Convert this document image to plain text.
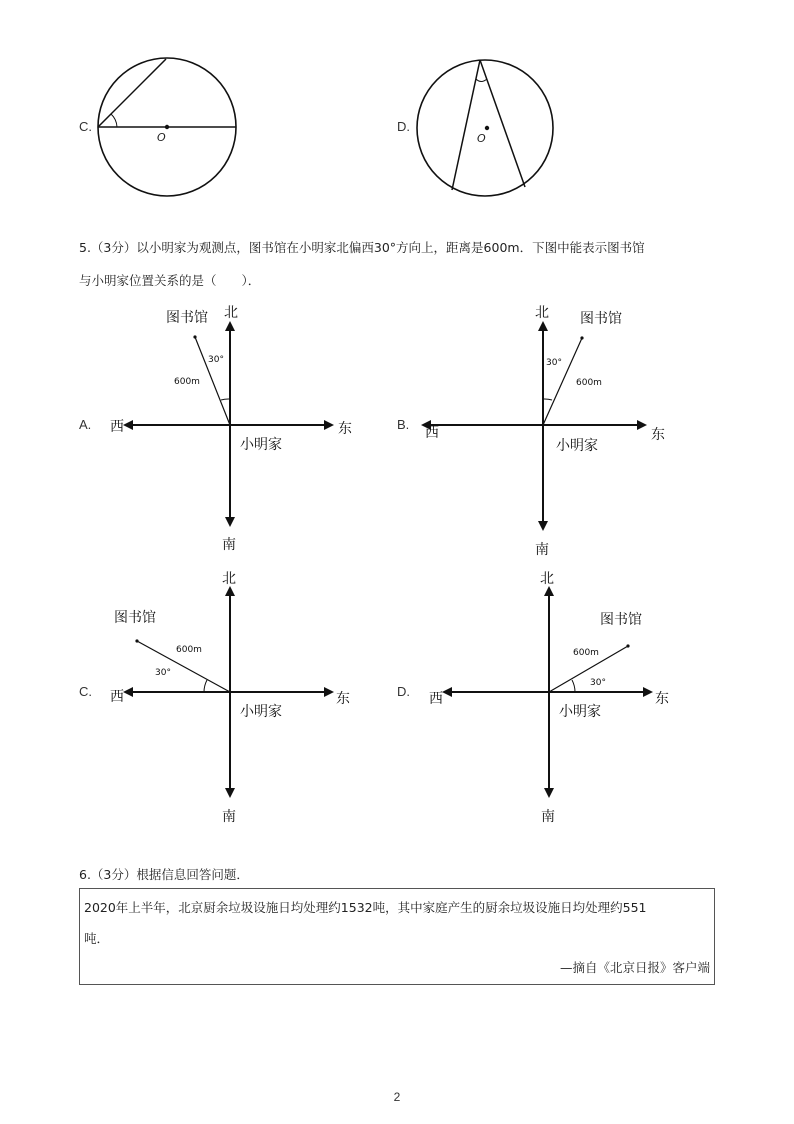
C.
O
D.
O
5.（3分）以小明家为观测点，图书馆在小明家北偏西30°方向上，距离是600m．下图中能表示图书馆
与小明家位置关系的是（　　）．
A.
北
南
西	东
小明家
图书馆
30°
600m
B.
北
南
西	东
小明家
图书馆
30°
600m
C.
北
南
西	东
小明家
图书馆
30°
600m
D.
北
南
西	东
小明家
图书馆
30°
600m
6.（3分）根据信息回答问题．
2020年上半年，北京厨余垃圾设施日均处理约1532吨，其中家庭产生的厨余垃圾设施日均处理约551
吨．
—摘自《北京日报》客户端
2
